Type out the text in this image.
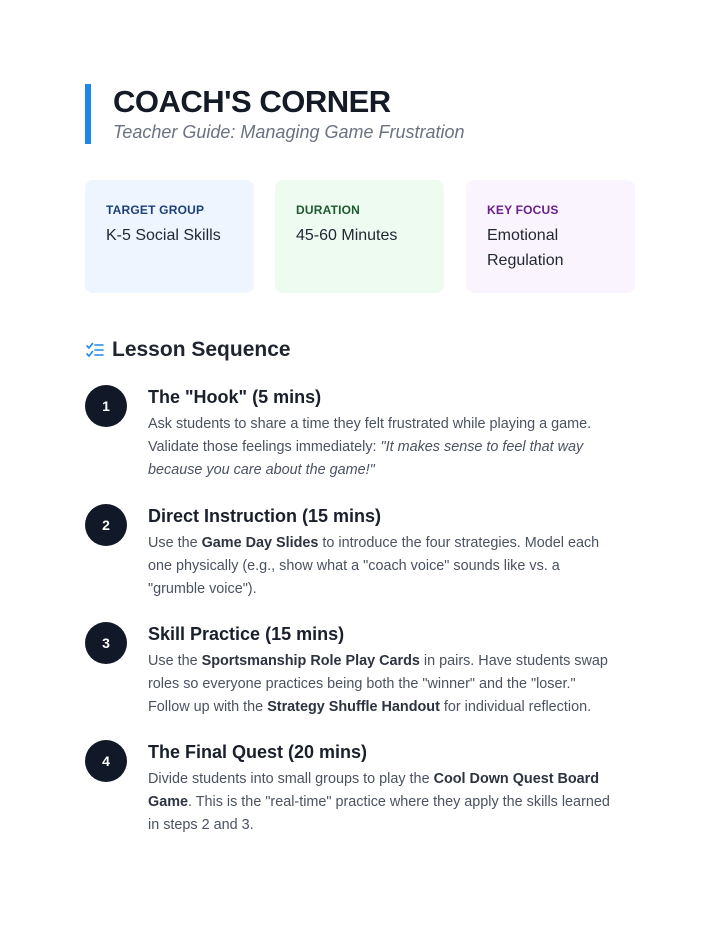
COACH'S CORNER
Teacher Guide: Managing Game Frustration
TARGET GROUP
K-5 Social Skills
DURATION
45-60 Minutes
KEY FOCUS
Emotional
Regulation
Lesson Sequence
1	The "Hook" (5 mins)
Ask students to share a time they felt frustrated while playing a game.
Validate those feelings immediately: "It makes sense to feel that way
because you care about the game!"
2	Direct Instruction (15 mins)
Use the Game Day Slides to introduce the four strategies. Model each
one physically (e.g., show what a "coach voice" sounds like vs. a
"grumble voice").
3	Skill Practice (15 mins)
Use the Sportsmanship Role Play Cards in pairs. Have students swap
roles so everyone practices being both the "winner" and the "loser."
Follow up with the Strategy Shuffle Handout for individual reflection.
4	The Final Quest (20 mins)
Divide students into small groups to play the Cool Down Quest Board
Game. This is the "real-time" practice where they apply the skills learned
in steps 2 and 3.
